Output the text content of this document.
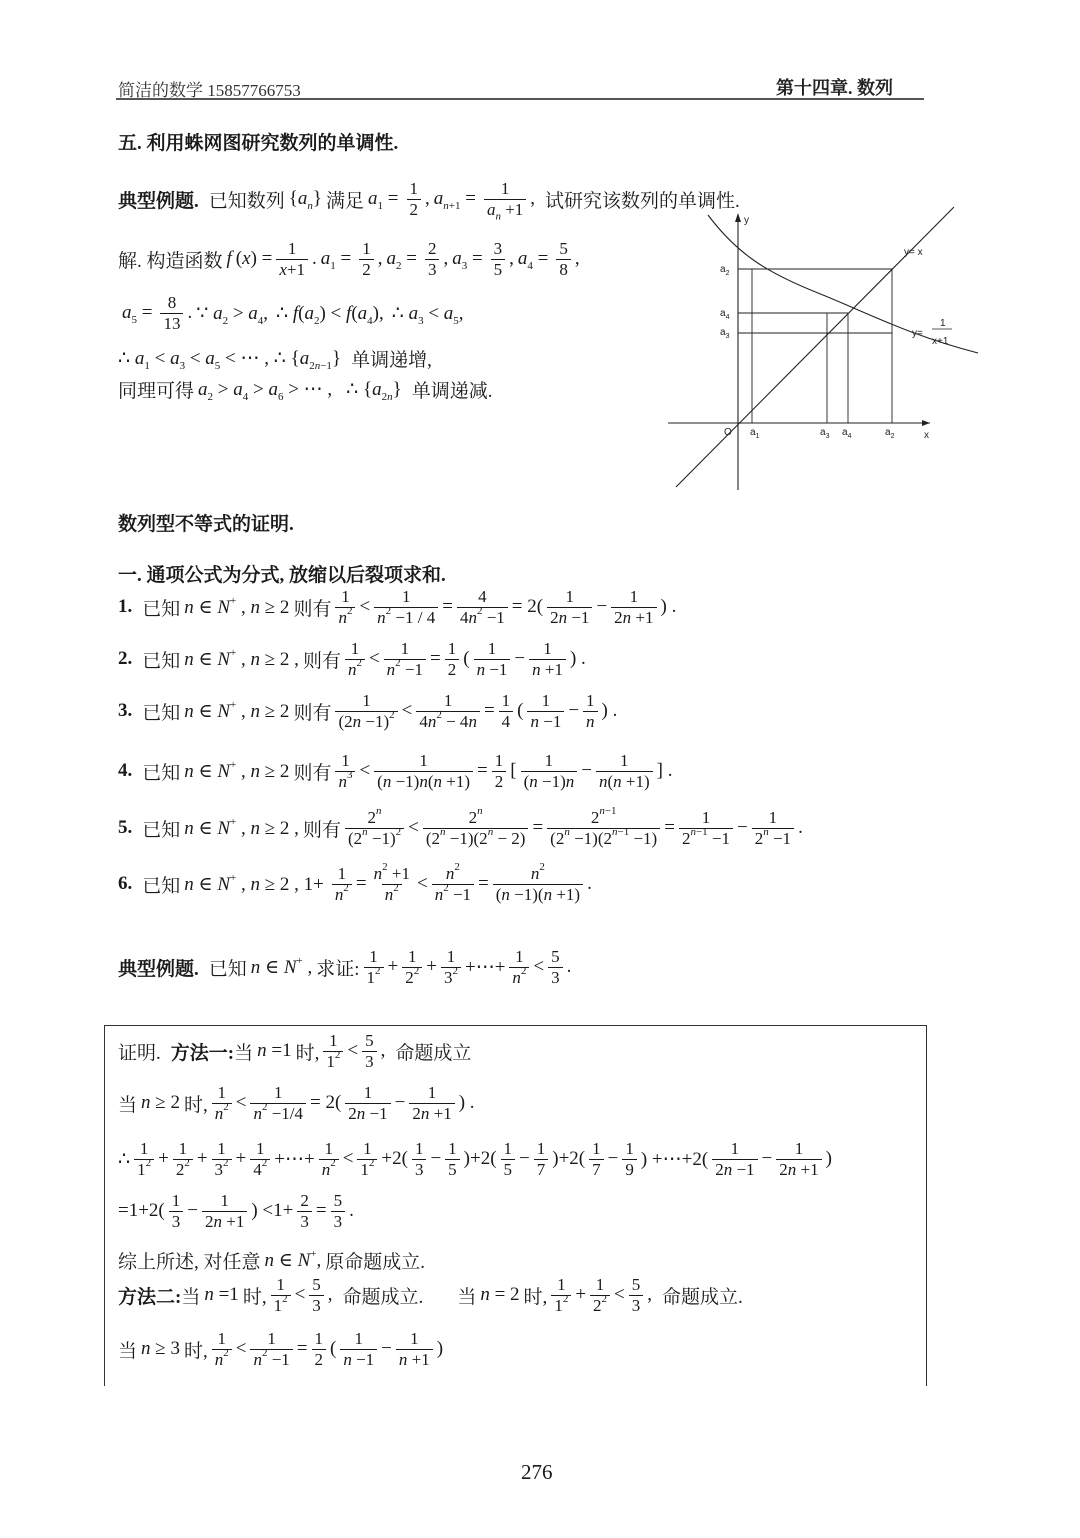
简洁的数学 15857766753	第十四章. 数列
五. 利用蛛网图研究数列的单调性.
典型例题. 已知数列 $\{a_n\}$ 满足 $a_1 = \frac{1}{2}$ , $a_{n+1} = \frac{1}{a_n +1}$ , 试研究该数列的单调性.
解. 构造函数 f ( x ) = $\frac{1}{x+1}$ . $a_1 = \frac{1}{2}$ , $a_2 = \frac{2}{3}$ , $a_3 = \frac{3}{5}$ , $a_4 = \frac{5}{8}$ ,
$a_5 = \frac{8}{13}$ . ∵ $a_2 > a_4$, ∴ $f(a_2) < f(a_4)$, ∴ $a_3 < a_5$,
∴ $a_1 < a_3 < a_5$ < ⋯ , ∴ $\{a_{2n-1}\}$ 单调递增,
同理可得 $a_2 > a_4 > a_6$ > ⋯ , ∴ $\{a_{2n}\}$ 单调递减.
y
x
O
y= x
y=
1
x+1
$a_2$
$a_4$
$a_3$
$a_1$	$a_3$ $a_4$	$a_2$
数列型不等式的证明.
一. 通项公式为分式, 放缩以后裂项求和.
1. 已知 n ∈ N+ , n ≥ 2 则有 $\frac{1}{n^2} < \frac{1}{n^2 -1 / 4} = \frac{4}{4n^2 -1} = 2( \frac{1}{2n -1} - \frac{1}{2n +1}$ ) .
2. 已知 n ∈ N+ , n ≥ 2 , 则有 $\frac{1}{n^2} < \frac{1}{n^2 -1} = \frac{1}{2}$ ( $\frac{1}{n -1} - \frac{1}{n +1}$ ) .
3. 已知 n ∈ N+ , n ≥ 2 则有 $\frac{1}{(2n -1)^2} < \frac{1}{4n^2 - 4n} = \frac{1}{4}$ ( $\frac{1}{n -1} - \frac{1}{n}$ ) .
4. 已知 n ∈ N+ , n ≥ 2 则有 $\frac{1}{n^3} < \frac{1}{(n -1)n(n +1)} = \frac{1}{2}$ [ $\frac{1}{(n -1)n} - \frac{1}{n(n +1)}$ ] .
5. 已知 n ∈ N+ , n ≥ 2 , 则有 $\frac{2^n}{(2^n -1)^2} < \frac{2^n}{(2^n -1)(2^n - 2)} = \frac{2^{n-1}}{(2^n -1)(2^{n-1} -1)} = \frac{1}{2^{n-1} -1} - \frac{1}{2^n -1}$ .
6. 已知 n ∈ N+ , n ≥ 2 , $1+ \frac{1}{n^2} = \frac{n^2 +1}{n^2} < \frac{n^2}{n^2 -1} = \frac{n^2}{(n -1)(n +1)}$ .
典型例题. 已知 n ∈ N+ , 求证: $\frac{1}{1^2} + \frac{1}{2^2} + \frac{1}{3^2}$ +⋯+ $\frac{1}{n^2} < \frac{5}{3}$ .
证明. 方法一: 当 n =1 时, $\frac{1}{1^2} < \frac{5}{3}$ , 命题成立
当 n ≥ 2 时, $\frac{1}{n^2} < \frac{1}{n^2 -1/4} = 2( \frac{1}{2n -1} - \frac{1}{2n +1}$ ) .
∴ $\frac{1}{1^2} + \frac{1}{2^2} + \frac{1}{3^2} + \frac{1}{4^2}$ +⋯+ $\frac{1}{n^2} < \frac{1}{1^2} +2( \frac{1}{3} - \frac{1}{5} )+2( \frac{1}{5} - \frac{1}{7} )+2( \frac{1}{7} - \frac{1}{9}$ ) +⋯+2( $\frac{1}{2n -1} - \frac{1}{2n +1}$ )
$=1+2( \frac{1}{3} - \frac{1}{2n +1}$ ) $<1+ \frac{2}{3} = \frac{5}{3}$ .
综上所述, 对任意 n ∈ N+, 原命题成立.
方法二: 当 n =1 时, $\frac{1}{1^2} < \frac{5}{3}$ , 命题成立. 当 n = 2 时, $\frac{1}{1^2} + \frac{1}{2^2} < \frac{5}{3}$ , 命题成立.
当 n ≥ 3 时, $\frac{1}{n^2} < \frac{1}{n^2 -1} = \frac{1}{2}$ ( $\frac{1}{n -1} - \frac{1}{n +1}$ )
276
